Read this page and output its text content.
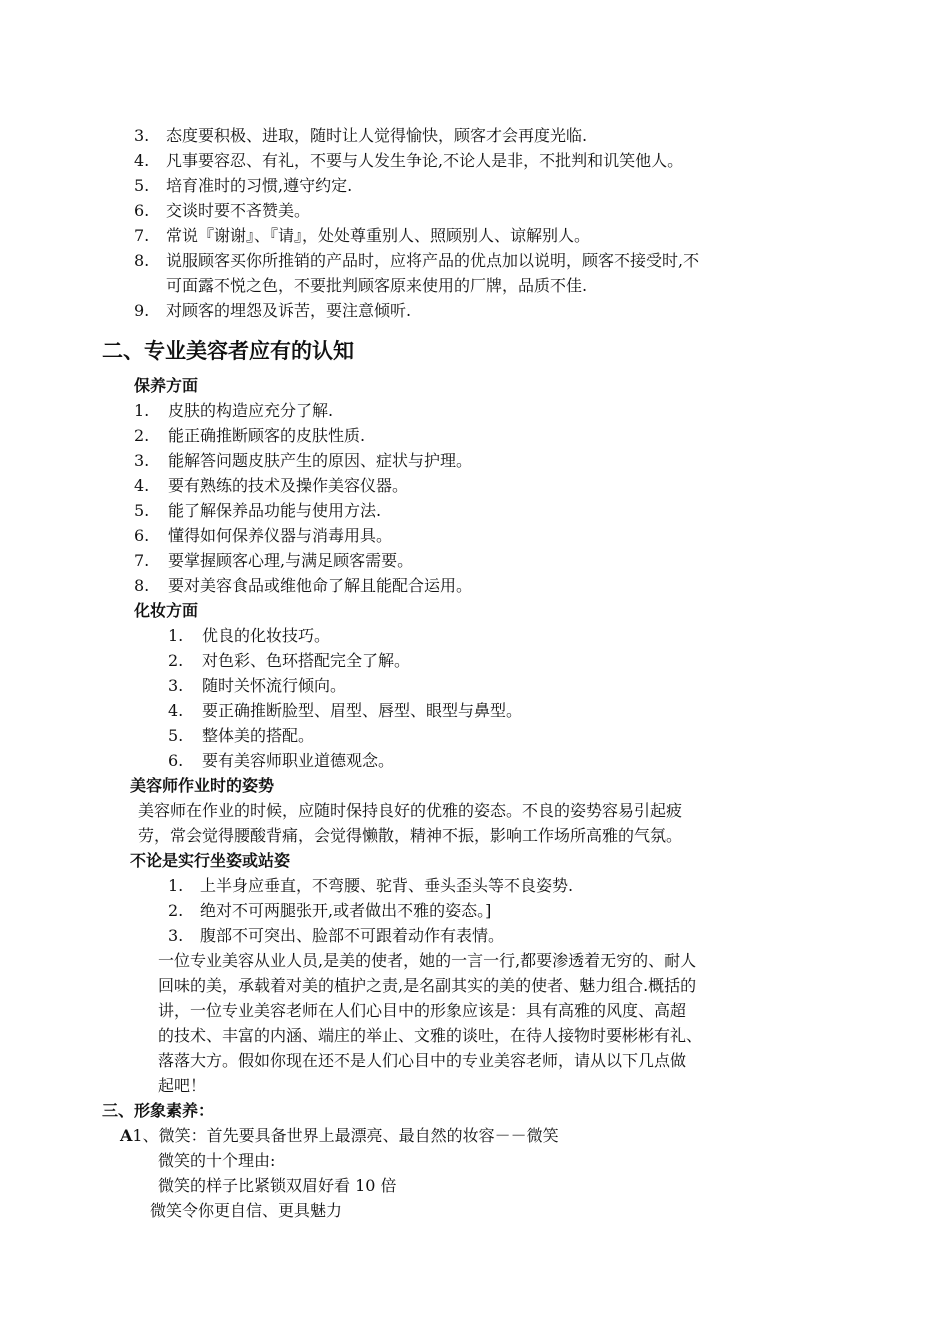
3. 态度要积极、进取，随时让人觉得愉快，顾客才会再度光临.
4. 凡事要容忍、有礼，不要与人发生争论,不论人是非，不批判和讥笑他人。
5. 培育准时的习惯,遵守约定.
6. 交谈时要不吝赞美。
7. 常说『谢谢』、『请』，处处尊重别人、照顾别人、谅解别人。
8. 说服顾客买你所推销的产品时，应将产品的优点加以说明，顾客不接受时,不
可面露不悦之色，不要批判顾客原来使用的厂牌，品质不佳.
9. 对顾客的埋怨及诉苦，要注意倾听.
二、专业美容者应有的认知
保养方面
1. 皮肤的构造应充分了解.
2. 能正确推断顾客的皮肤性质.
3. 能解答问题皮肤产生的原因、症状与护理。
4. 要有熟练的技术及操作美容仪器。
5. 能了解保养品功能与使用方法.
6. 懂得如何保养仪器与消毒用具。
7. 要掌握顾客心理,与满足顾客需要。
8. 要对美容食品或维他命了解且能配合运用。
化妆方面
1. 优良的化妆技巧。
2. 对色彩、色环搭配完全了解。
3. 随时关怀流行倾向。
4. 要正确推断脸型、眉型、唇型、眼型与鼻型。
5. 整体美的搭配。
6. 要有美容师职业道德观念。
美容师作业时的姿势
美容师在作业的时候，应随时保持良好的优雅的姿态。不良的姿势容易引起疲
劳，常会觉得腰酸背痛，会觉得懒散，精神不振，影响工作场所高雅的气氛。
不论是实行坐姿或站姿
1. 上半身应垂直，不弯腰、驼背、垂头歪头等不良姿势.
2. 绝对不可两腿张开,或者做出不雅的姿态。]
3. 腹部不可突出、脸部不可跟着动作有表情。
一位专业美容从业人员,是美的使者，她的一言一行,都要渗透着无穷的、耐人
回味的美，承载着对美的植护之责,是名副其实的美的使者、魅力组合.概括的
讲，一位专业美容老师在人们心目中的形象应该是：具有高雅的风度、高超
的技术、丰富的内涵、端庄的举止、文雅的谈吐，在待人接物时要彬彬有礼、
落落大方。假如你现在还不是人们心目中的专业美容老师，请从以下几点做
起吧！
三、形象素养：
A1、微笑：首先要具备世界上最漂亮、最自然的妆容－－微笑
微笑的十个理由:
微笑的样子比紧锁双眉好看 10 倍
微笑令你更自信、更具魅力
